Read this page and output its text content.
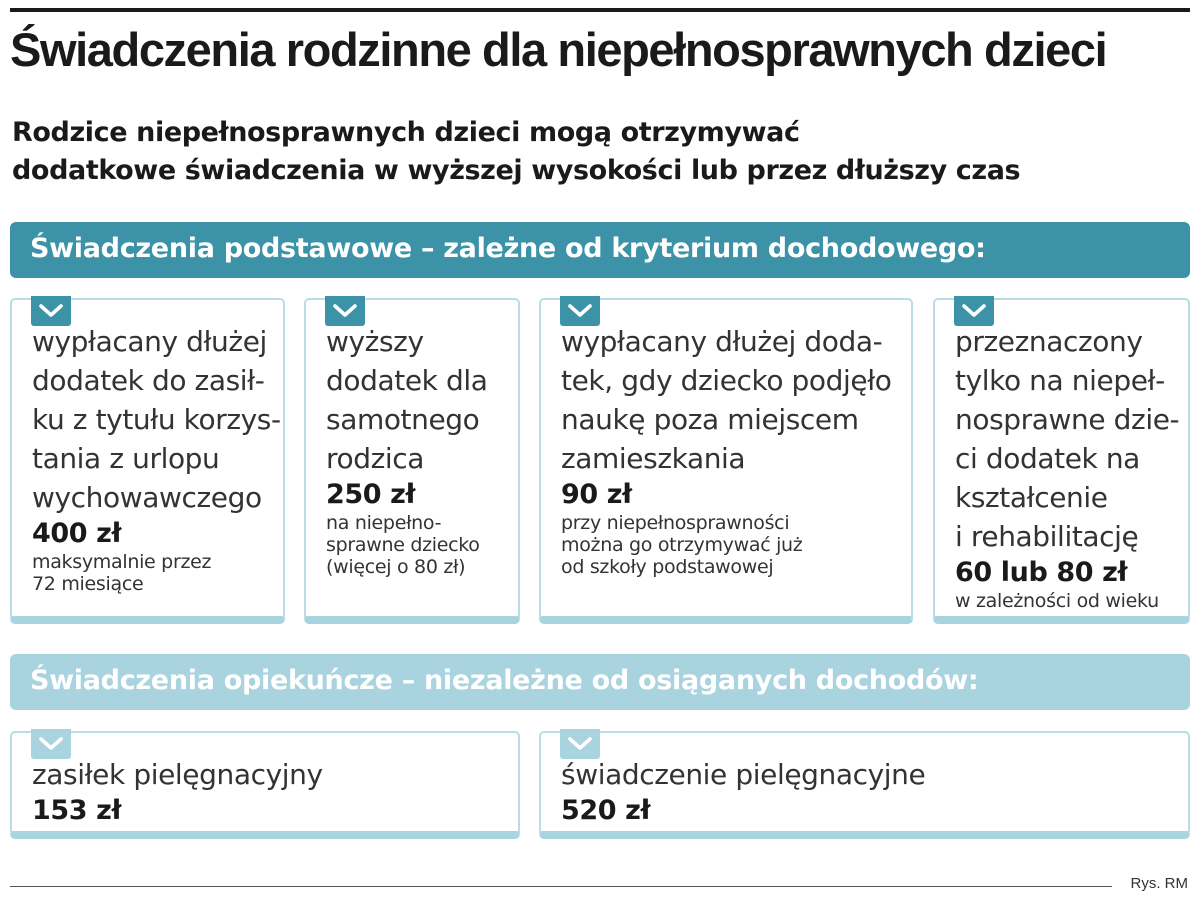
Świadczenia rodzinne dla niepełnosprawnych dzieci
Rodzice niepełnosprawnych dzieci mogą otrzymywać
dodatkowe świadczenia w wyższej wysokości lub przez dłuższy czas
Świadczenia podstawowe – zależne od kryterium dochodowego:
wypłacany dłużej
dodatek do zasił-
ku z tytułu korzys-
tania z urlopu
wychowawczego
400 zł
maksymalnie przez
72 miesiące
wyższy
dodatek dla
samotnego
rodzica
250 zł
na niepełno-
sprawne dziecko
(więcej o 80 zł)
wypłacany dłużej doda-
tek, gdy dziecko podjęło
naukę poza miejscem
zamieszkania
90 zł
przy niepełnosprawności
można go otrzymywać już
od szkoły podstawowej
przeznaczony
tylko na niepeł-
nosprawne dzie-
ci dodatek na
kształcenie
i rehabilitację
60 lub 80 zł
w zależności od wieku
Świadczenia opiekuńcze – niezależne od osiąganych dochodów:
zasiłek pielęgnacyjny
153 zł
świadczenie pielęgnacyjne
520 zł
Rys. RM
